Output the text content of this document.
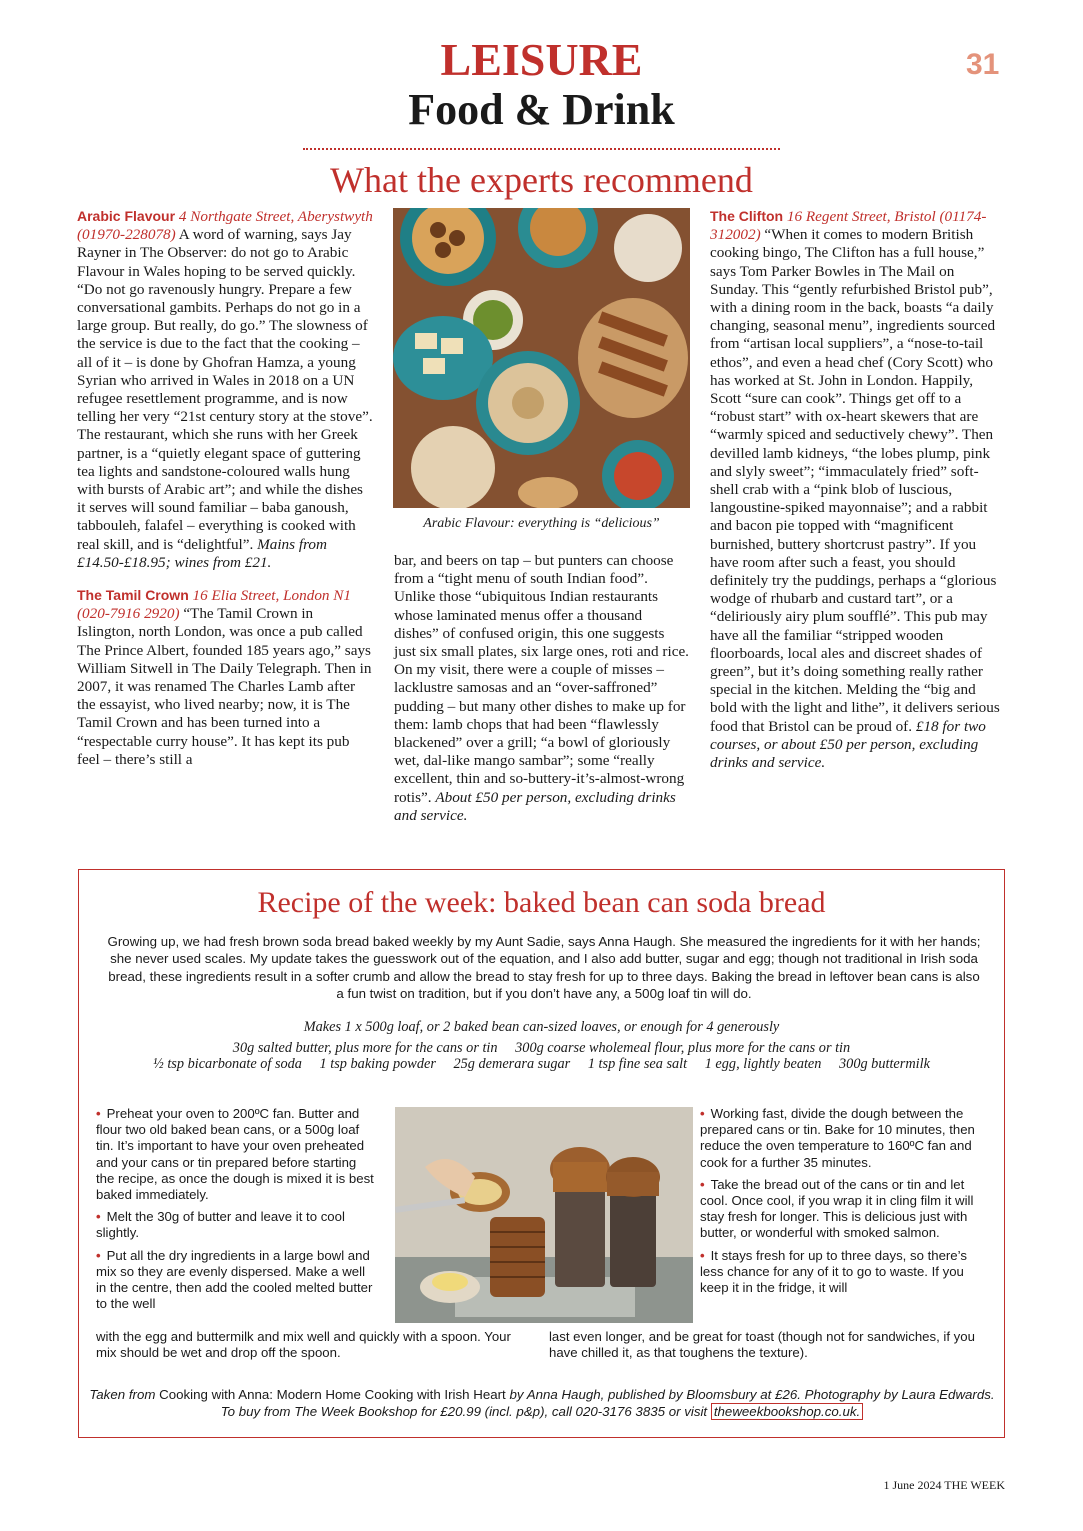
LEISURE	31
Food & Drink
What the experts recommend
Arabic Flavour 4 Northgate Street, Aberystwyth (01970-228078) A word of warning, says Jay Rayner in The Observer: do not go to Arabic Flavour in Wales hoping to be served quickly. “Do not go ravenously hungry. Prepare a few conversational gambits. Perhaps do not go in a large group. But really, do go.” The slowness of the service is due to the fact that the cooking – all of it – is done by Ghofran Hamza, a young Syrian who arrived in Wales in 2018 on a UN refugee resettlement programme, and is now telling her very “21st century story at the stove”. The restaurant, which she runs with her Greek partner, is a “quietly elegant space of guttering tea lights and sandstone-coloured walls hung with bursts of Arabic art”; and while the dishes it serves will sound familiar – baba ganoush, tabbouleh, falafel – everything is cooked with real skill, and is “delightful”. Mains from £14.50-£18.95; wines from £21.
The Tamil Crown 16 Elia Street, London N1 (020-7916 2920) “The Tamil Crown in Islington, north London, was once a pub called The Prince Albert, founded 185 years ago,” says William Sitwell in The Daily Telegraph. Then in 2007, it was renamed The Charles Lamb after the essayist, who lived nearby; now, it is The Tamil Crown and has been turned into a “respectable curry house”. It has kept its pub feel – there’s still a
Arabic Flavour: everything is “delicious”
bar, and beers on tap – but punters can choose from a “tight menu of south Indian food”. Unlike those “ubiquitous Indian restaurants whose laminated menus offer a thousand dishes” of confused origin, this one suggests just six small plates, six large ones, roti and rice. On my visit, there were a couple of misses – lacklustre samosas and an “over-saffroned” pudding – but many other dishes to make up for them: lamb chops that had been “flawlessly blackened” over a grill; “a bowl of gloriously wet, dal-like mango sambar”; some “really excellent, thin and so-buttery-it’s-almost-wrong rotis”. About £50 per person, excluding drinks and service.
The Clifton 16 Regent Street, Bristol (01174-312002) “When it comes to modern British cooking bingo, The Clifton has a full house,” says Tom Parker Bowles in The Mail on Sunday. This “gently refurbished Bristol pub”, with a dining room in the back, boasts “a daily changing, seasonal menu”, ingredients sourced from “artisan local suppliers”, a “nose-to-tail ethos”, and even a head chef (Cory Scott) who has worked at St. John in London. Happily, Scott “sure can cook”. Things get off to a “robust start” with ox-heart skewers that are “warmly spiced and seductively chewy”. Then devilled lamb kidneys, “the lobes plump, pink and slyly sweet”; “immaculately fried” soft-shell crab with a “pink blob of luscious, langoustine-spiked mayonnaise”; and a rabbit and bacon pie topped with “magnificent burnished, buttery shortcrust pastry”. If you have room after such a feast, you should definitely try the puddings, perhaps a “glorious wodge of rhubarb and custard tart”, or a “deliriously airy plum soufflé”. This pub may have all the familiar “stripped wooden floorboards, local ales and discreet shades of green”, but it’s doing something really rather special in the kitchen. Melding the “big and bold with the light and lithe”, it delivers serious food that Bristol can be proud of. £18 for two courses, or about £50 per person, excluding drinks and service.
Recipe of the week: baked bean can soda bread
Growing up, we had fresh brown soda bread baked weekly by my Aunt Sadie, says Anna Haugh. She measured the ingredients for it with her hands; she never used scales. My update takes the guesswork out of the equation, and I also add butter, sugar and egg; though not traditional in Irish soda bread, these ingredients result in a softer crumb and allow the bread to stay fresh for up to three days. Baking the bread in leftover bean cans is also a fun twist on tradition, but if you don’t have any, a 500g loaf tin will do.
Makes 1 x 500g loaf, or 2 baked bean can-sized loaves, or enough for 4 generously
30g salted butter, plus more for the cans or tin 300g coarse wholemeal flour, plus more for the cans or tin
½ tsp bicarbonate of soda 1 tsp baking powder 25g demerara sugar 1 tsp fine sea salt 1 egg, lightly beaten 300g buttermilk

• Preheat your oven to 200ºC fan. Butter and flour two old baked bean cans, or a 500g loaf tin. It’s important to have your oven preheated and your cans or tin prepared before starting the recipe, as once the dough is mixed it is best baked immediately.

• Melt the 30g of butter and leave it to cool slightly.

• Put all the dry ingredients in a large bowl and mix so they are evenly dispersed. Make a well in the centre, then add the cooled melted butter to the well

with the egg and buttermilk and mix well and quickly with a spoon. Your mix should be wet and drop off the spoon.

• Working fast, divide the dough between the prepared cans or tin. Bake for 10 minutes, then reduce the oven temperature to 160ºC fan and cook for a further 35 minutes.

• Take the bread out of the cans or tin and let cool. Once cool, if you wrap it in cling film it will stay fresh for longer. This is delicious just with butter, or wonderful with smoked salmon.

• It stays fresh for up to three days, so there’s less chance for any of it to go to waste. If you keep it in the fridge, it will

last even longer, and be great for toast (though not for sandwiches, if you have chilled it, as that toughens the texture).
Taken from Cooking with Anna: Modern Home Cooking with Irish Heart by Anna Haugh, published by Bloomsbury at £26. Photography by Laura Edwards. To buy from The Week Bookshop for £20.99 (incl. p&p), call 020-3176 3835 or visit theweekbookshop.co.uk.
1 June 2024 THE WEEK
